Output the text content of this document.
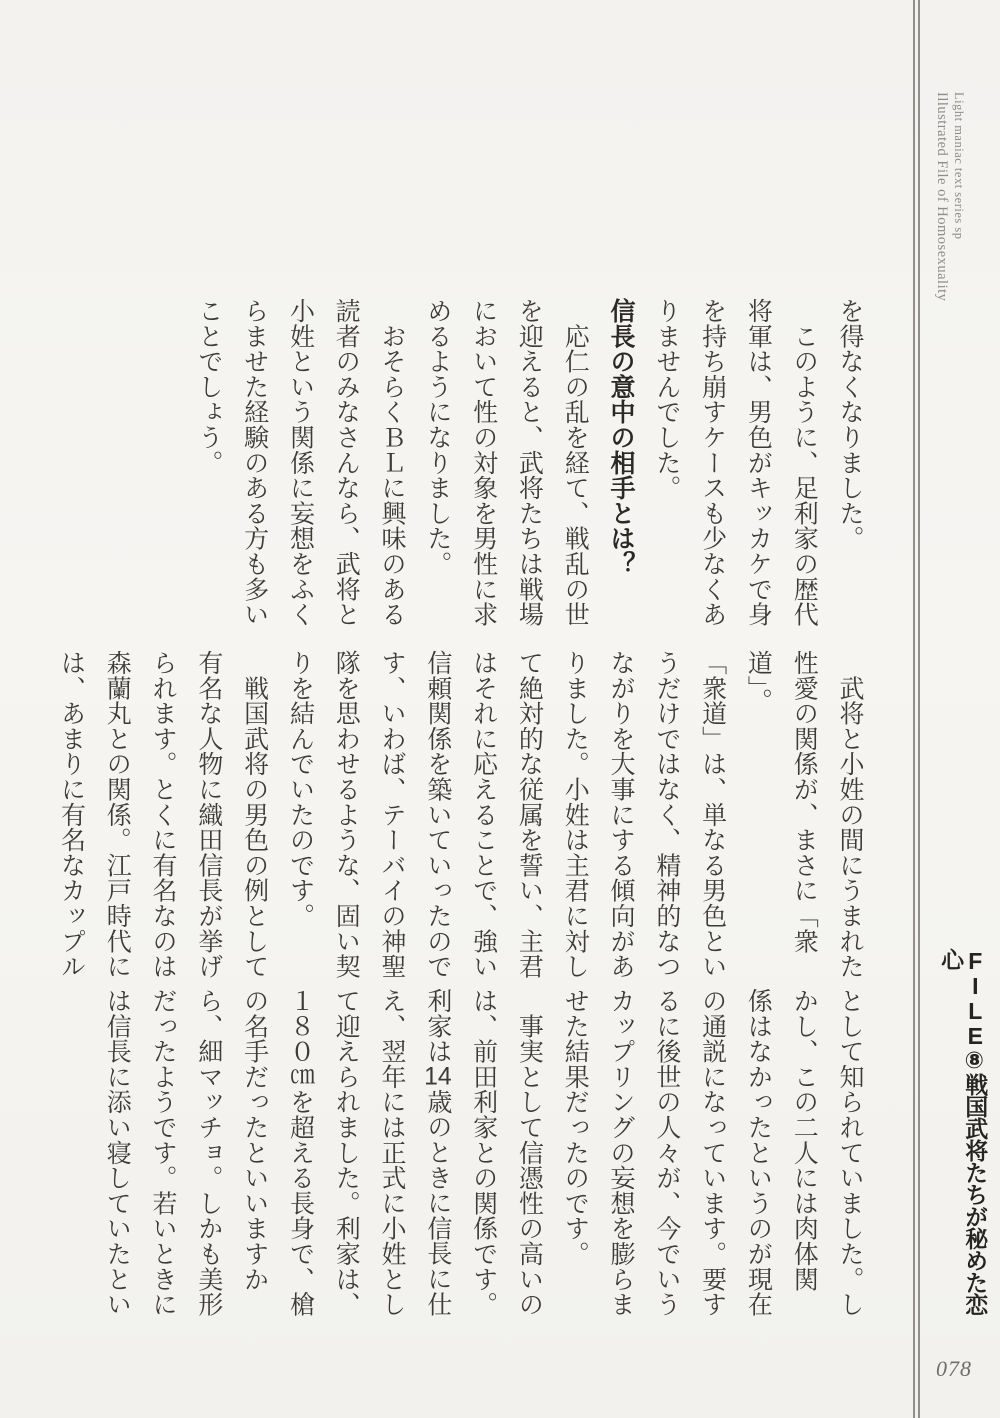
Light maniac text series sp
Illustrated File of Homosexuality
FILE⑧戦国武将たちが秘めた恋心
078

を得なくなりました。

　このように、足利家の歴代

将軍は、男色がキッカケで身

を持ち崩すケースも少なくあ

りませんでした。

信長の意中の相手とは？

　応仁の乱を経て、戦乱の世

を迎えると、武将たちは戦場

において性の対象を男性に求

めるようになりました。

　おそらくＢＬに興味のある

読者のみなさんなら、武将と

小姓という関係に妄想をふく

らませた経験のある方も多い

ことでしょう。

　武将と小姓の間にうまれた

性愛の関係が、まさに「衆道」。

「衆道」は、単なる男色とい

うだけではなく、精神的なつ

ながりを大事にする傾向があ

りました。小姓は主君に対し

て絶対的な従属を誓い、主君

はそれに応えることで、強い

信頼関係を築いていったので

す、いわば、テーバイの神聖

隊を思わせるような、固い契

りを結んでいたのです。

　戦国武将の男色の例として

有名な人物に織田信長が挙げ

られます。とくに有名なのは

森蘭丸との関係。江戸時代に

は、あまりに有名なカップル

として知られていました。し

かし、この二人には肉体関

係はなかったというのが現在

の通説になっています。要す

るに後世の人々が、今でいう

カップリングの妄想を膨らま

せた結果だったのです。

　事実として信憑性の高いの

は、前田利家との関係です。

利家は14歳のときに信長に仕

え、翌年には正式に小姓とし

て迎えられました。利家は、

１８０㎝を超える長身で、槍

の名手だったといいますか

ら、細マッチョ。しかも美形

だったようです。若いときに

は信長に添い寝していたとい
